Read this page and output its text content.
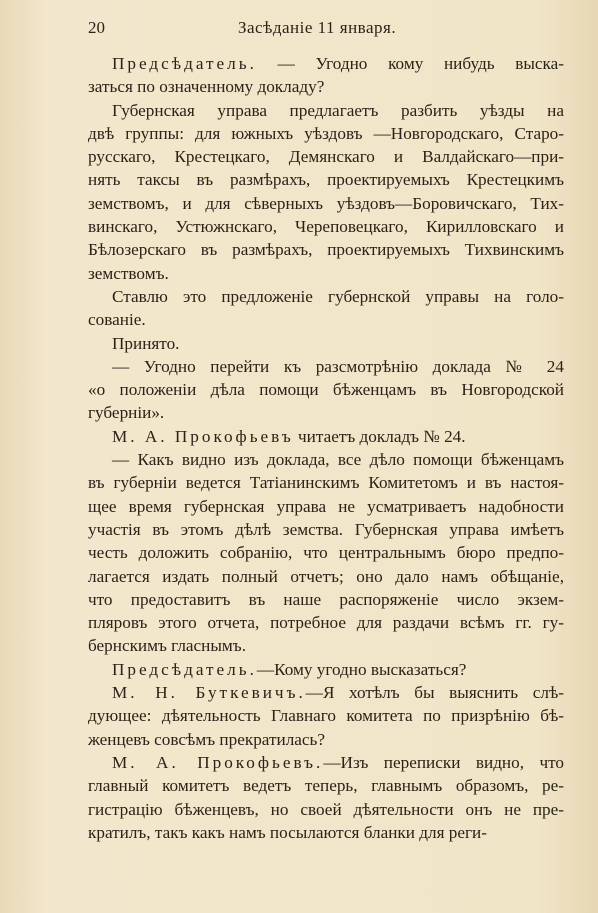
20	Засѣданіе 11 января.
Предсѣдатель. — Угодно кому нибудь выска-
заться по означенному докладу?
Губернская управа предлагаетъ разбить уѣзды на
двѣ группы: для южныхъ уѣздовъ —Новгородскаго, Старо-
русскаго, Крестецкаго, Демянскаго и Валдайскаго—при-
нять таксы въ размѣрахъ, проектируемыхъ Крестецкимъ
земствомъ, и для сѣверныхъ уѣздовъ—Боровичскаго, Тих-
винскаго, Устюжнскаго, Череповецкаго, Кирилловскаго и
Бѣлозерскаго въ размѣрахъ, проектируемыхъ Тихвинскимъ
земствомъ.
Ставлю это предложеніе губернской управы на голо-
сованіе.
Принято.
— Угодно перейти къ разсмотрѣнію доклада № 24
«о положеніи дѣла помощи бѣженцамъ въ Новгородской
губерніи».
М. А. Прокофьевъ читаетъ докладъ № 24.
— Какъ видно изъ доклада, все дѣло помощи бѣженцамъ
въ губерніи ведется Татіанинскимъ Комитетомъ и въ настоя-
щее время губернская управа не усматриваетъ надобности
участія въ этомъ дѣлѣ земства. Губернская управа имѣетъ
честь доложить собранію, что центральнымъ бюро предпо-
лагается издать полный отчетъ; оно дало намъ обѣщаніе,
что предоставитъ въ наше распоряженіе число экзем-
пляровъ этого отчета, потребное для раздачи всѣмъ гг. гу-
бернскимъ гласнымъ.
Предсѣдатель.—Кому угодно высказаться?
М. Н. Буткевичъ.—Я хотѣлъ бы выяснить слѣ-
дующее: дѣятельность Главнаго комитета по призрѣнію бѣ-
женцевъ совсѣмъ прекратилась?
М. А. Прокофьевъ.—Изъ переписки видно, что
главный комитетъ ведетъ теперь, главнымъ образомъ, ре-
гистрацію бѣженцевъ, но своей дѣятельности онъ не пре-
кратилъ, такъ какъ намъ посылаются бланки для реги-
